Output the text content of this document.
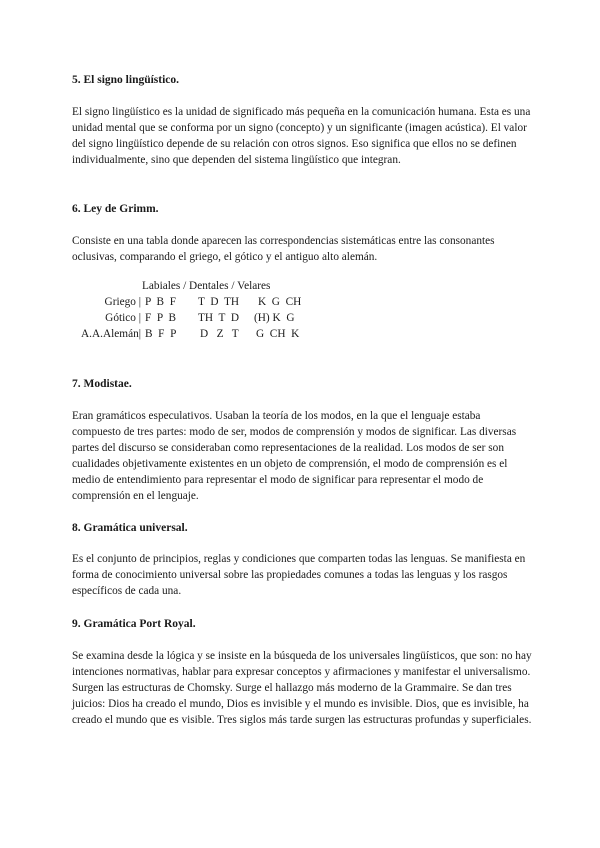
5. El signo lingüístico.

El signo lingüístico es la unidad de significado más pequeña en la comunicación humana. Esta es una unidad mental que se conforma por un signo (concepto) y un significante (imagen acústica). El valor del signo lingüístico depende de su relación con otros signos. Eso significa que ellos no se definen individualmente, sino que dependen del sistema lingüístico que integran.

6. Ley de Grimm.

Consiste en una tabla donde aparecen las correspondencias sistemáticas entre las consonantes oclusivas, comparando el griego, el gótico y el antiguo alto alemán.

Labiales / Dentales / Velares
Griego | P  B  F T  D  TH K  G  CH
Gótico | F  P  B TH  T  D (H) K  G
A.A.Alemán| B  F  P D   Z   T G  CH  K
7. Modistae.

Eran gramáticos especulativos. Usaban la teoría de los modos, en la que el lenguaje estaba compuesto de tres partes: modo de ser, modos de comprensión y modos de significar. Las diversas partes del discurso se consideraban como representaciones de la realidad. Los modos de ser son cualidades objetivamente existentes en un objeto de comprensión, el modo de comprensión es el medio de entendimiento para representar el modo de significar para representar el modo de comprensión en el lenguaje.

8. Gramática universal.

Es el conjunto de principios, reglas y condiciones que comparten todas las lenguas. Se manifiesta en forma de conocimiento universal sobre las propiedades comunes a todas las lenguas y los rasgos específicos de cada una.

9. Gramática Port Royal.

Se examina desde la lógica y se insiste en la búsqueda de los universales lingüísticos, que son: no hay intenciones normativas, hablar para expresar conceptos y afirmaciones y manifestar el universalismo. Surgen las estructuras de Chomsky. Surge el hallazgo más moderno de la Grammaire. Se dan tres juicios: Dios ha creado el mundo, Dios es invisible y el mundo es invisible. Dios, que es invisible, ha creado el mundo que es visible. Tres siglos más tarde surgen las estructuras profundas y superficiales.
